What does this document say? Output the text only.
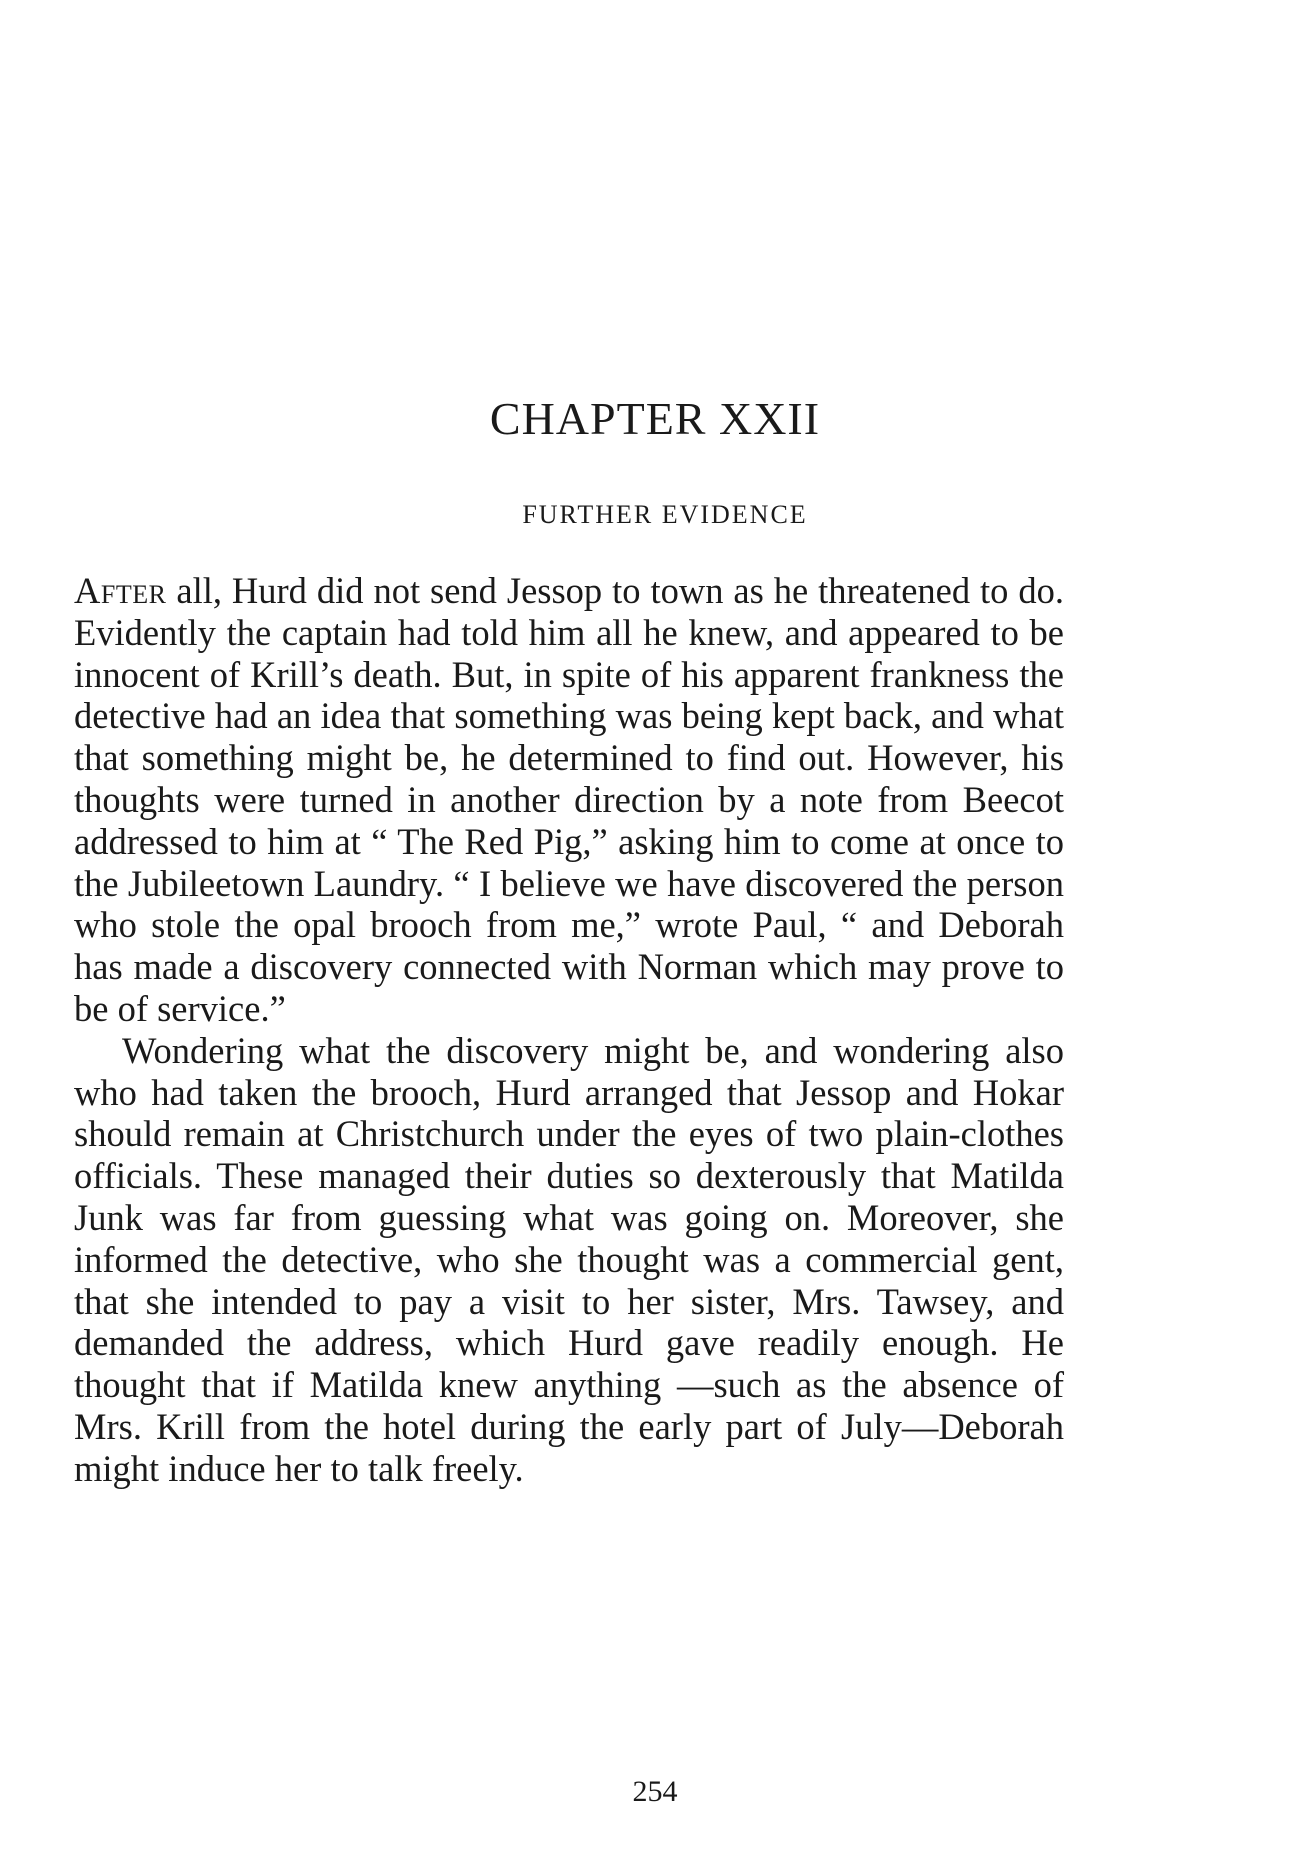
CHAPTER XXII
FURTHER EVIDENCE

After all, Hurd did not send Jessop to town as he threatened to do. Evidently the captain had told him all he knew, and appeared to be innocent of Krill’s death. But, in spite of his apparent frankness the detective had an idea that something was being kept back, and what that something might be, he determined to find out. However, his thoughts were turned in another direction by a note from Beecot addressed to him at “ The Red Pig,” asking him to come at once to the Jubileetown Laundry. “ I believe we have discovered the person who stole the opal brooch from me,” wrote Paul, “ and Deborah has made a discovery connected with Norman which may prove to be of service.”

Wondering what the discovery might be, and wondering also who had taken the brooch, Hurd arranged that Jessop and Hokar should remain at Christchurch under the eyes of two plain-clothes officials. These managed their duties so dexterously that Matilda Junk was far from guessing what was going on. Moreover, she informed the detective, who she thought was a commercial gent, that she intended to pay a visit to her sister, Mrs. Tawsey, and demanded the address, which Hurd gave readily enough. He thought that if Matilda knew anything —such as the absence of Mrs. Krill from the hotel during the early part of July—Deborah might induce her to talk freely.

254
